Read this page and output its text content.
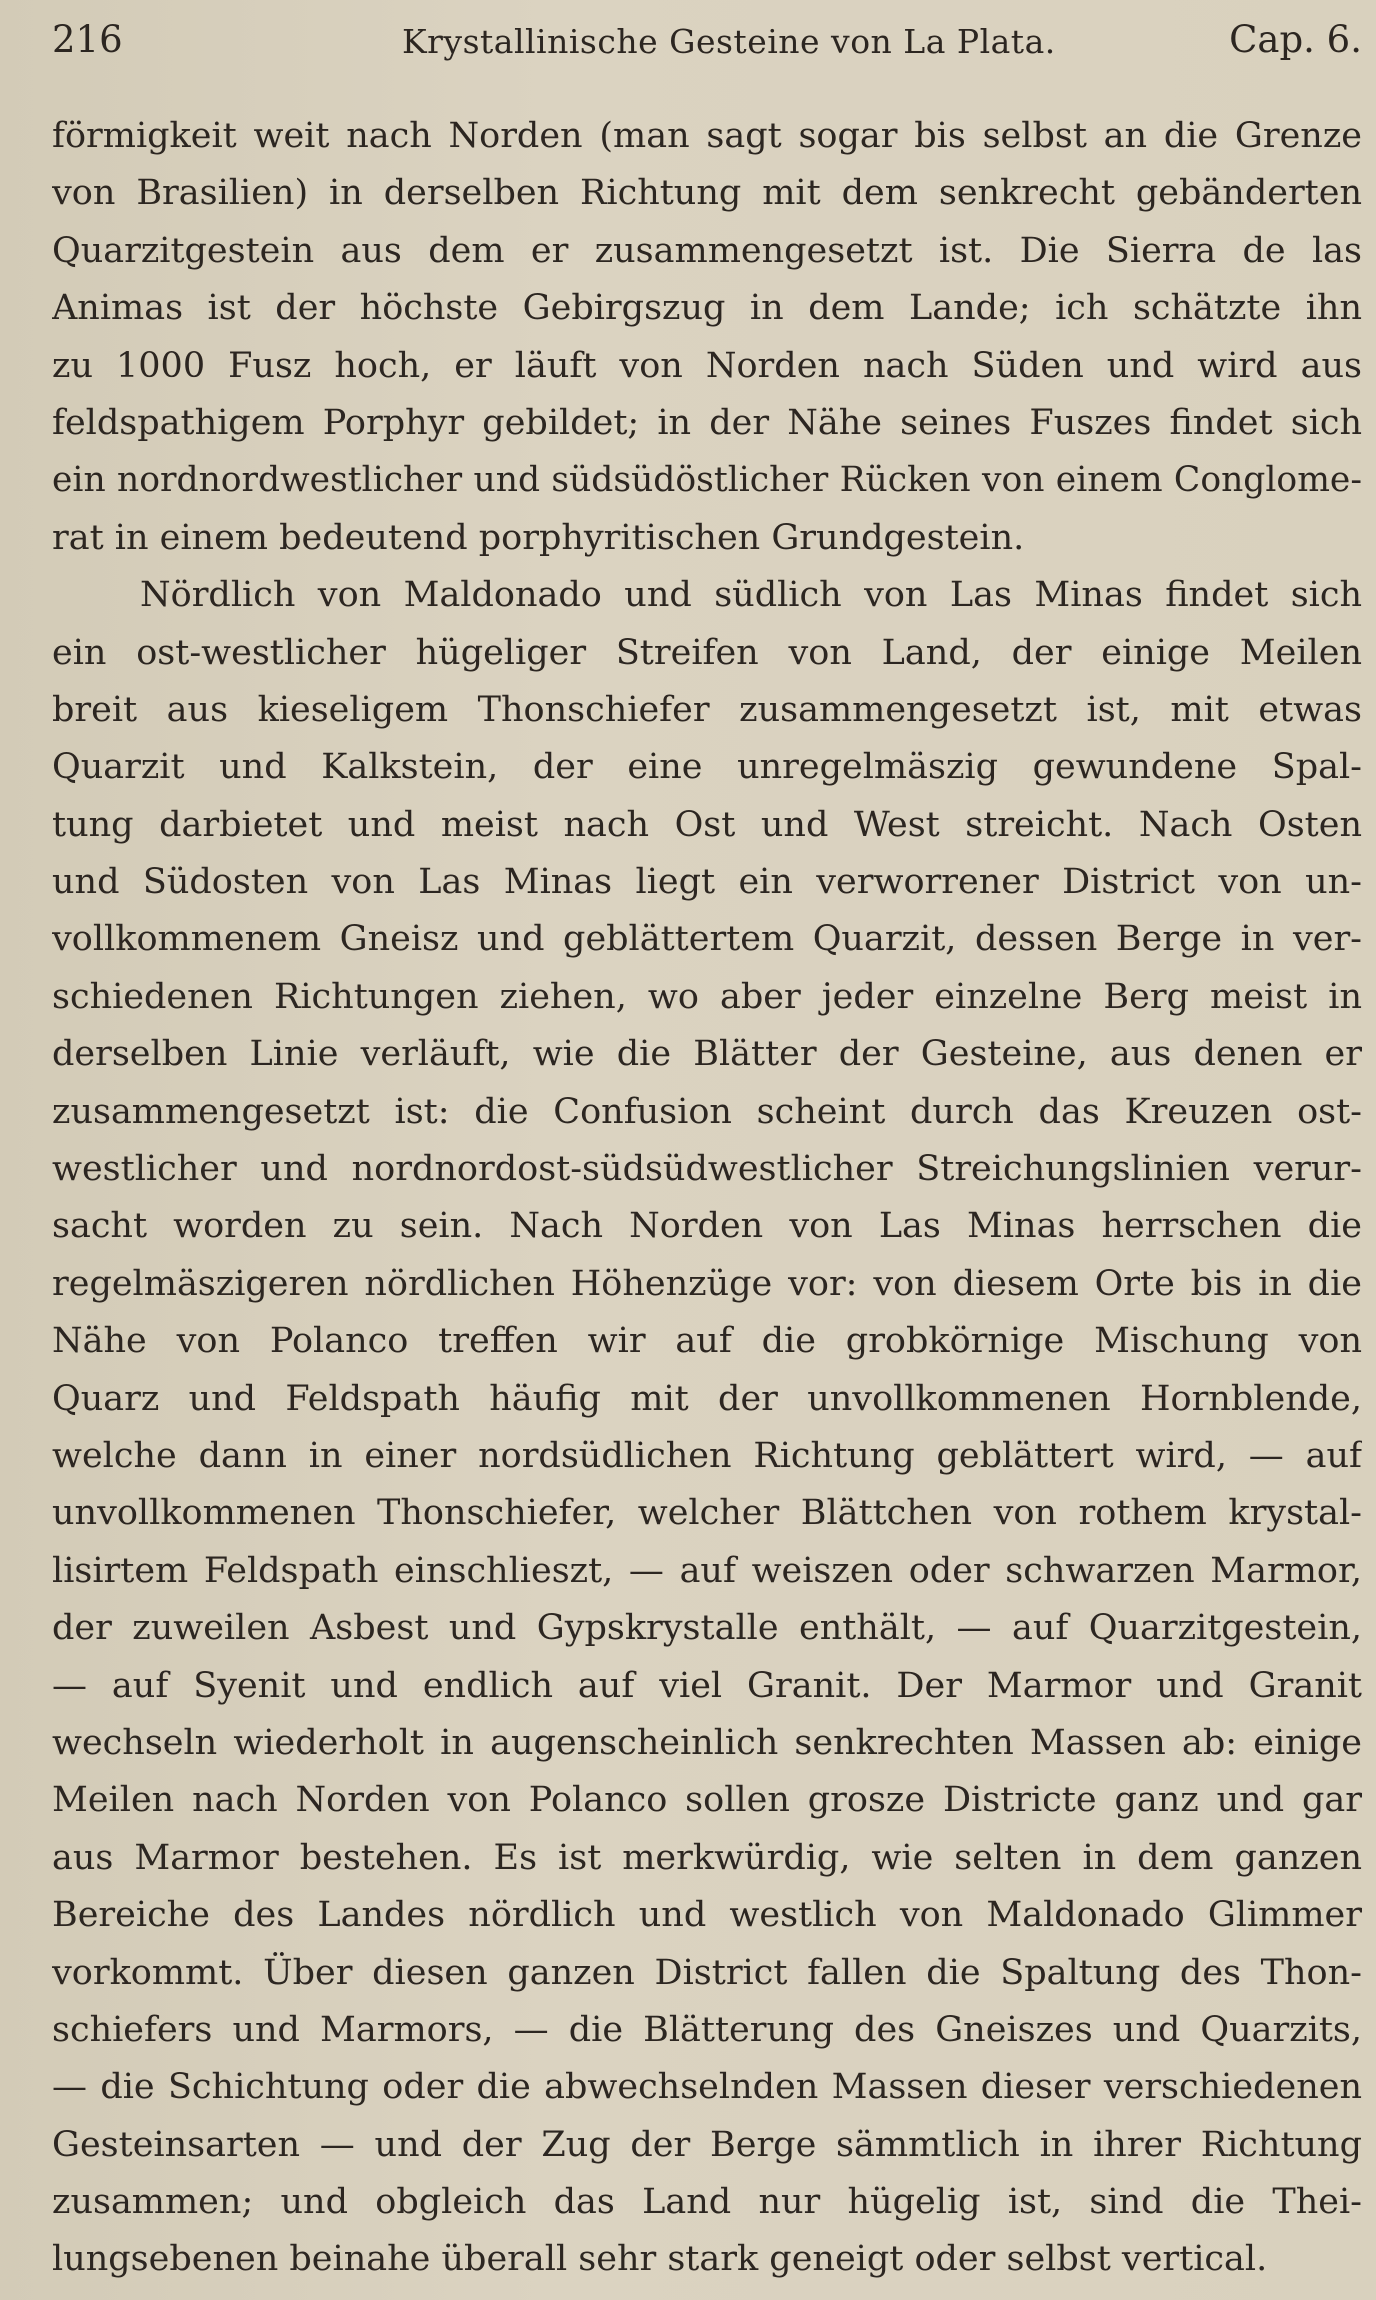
216	Krystallinische Gesteine von La Plata.	Cap. 6.
förmigkeit weit nach Norden (man sagt sogar bis selbst an die Grenze
von Brasilien) in derselben Richtung mit dem senkrecht gebänderten
Quarzitgestein aus dem er zusammengesetzt ist. Die Sierra de las
Animas ist der höchste Gebirgszug in dem Lande; ich schätzte ihn
zu 1000 Fusz hoch, er läuft von Norden nach Süden und wird aus
feldspathigem Porphyr gebildet; in der Nähe seines Fuszes findet sich
ein nordnordwestlicher und südsüdöstlicher Rücken von einem Conglome-
rat in einem bedeutend porphyritischen Grundgestein.
Nördlich von Maldonado und südlich von Las Minas findet sich
ein ost-westlicher hügeliger Streifen von Land, der einige Meilen
breit aus kieseligem Thonschiefer zusammengesetzt ist, mit etwas
Quarzit und Kalkstein, der eine unregelmäszig gewundene Spal-
tung darbietet und meist nach Ost und West streicht. Nach Osten
und Südosten von Las Minas liegt ein verworrener District von un-
vollkommenem Gneisz und geblättertem Quarzit, dessen Berge in ver-
schiedenen Richtungen ziehen, wo aber jeder einzelne Berg meist in
derselben Linie verläuft, wie die Blätter der Gesteine, aus denen er
zusammengesetzt ist: die Confusion scheint durch das Kreuzen ost-
westlicher und nordnordost-südsüdwestlicher Streichungslinien verur-
sacht worden zu sein. Nach Norden von Las Minas herrschen die
regelmäszigeren nördlichen Höhenzüge vor: von diesem Orte bis in die
Nähe von Polanco treffen wir auf die grobkörnige Mischung von
Quarz und Feldspath häufig mit der unvollkommenen Hornblende,
welche dann in einer nordsüdlichen Richtung geblättert wird, — auf
unvollkommenen Thonschiefer, welcher Blättchen von rothem krystal-
lisirtem Feldspath einschlieszt, — auf weiszen oder schwarzen Marmor,
der zuweilen Asbest und Gypskrystalle enthält, — auf Quarzitgestein,
— auf Syenit und endlich auf viel Granit. Der Marmor und Granit
wechseln wiederholt in augenscheinlich senkrechten Massen ab: einige
Meilen nach Norden von Polanco sollen grosze Districte ganz und gar
aus Marmor bestehen. Es ist merkwürdig, wie selten in dem ganzen
Bereiche des Landes nördlich und westlich von Maldonado Glimmer
vorkommt. Über diesen ganzen District fallen die Spaltung des Thon-
schiefers und Marmors, — die Blätterung des Gneiszes und Quarzits,
— die Schichtung oder die abwechselnden Massen dieser verschiedenen
Gesteinsarten — und der Zug der Berge sämmtlich in ihrer Richtung
zusammen; und obgleich das Land nur hügelig ist, sind die Thei-
lungsebenen beinahe überall sehr stark geneigt oder selbst vertical.
